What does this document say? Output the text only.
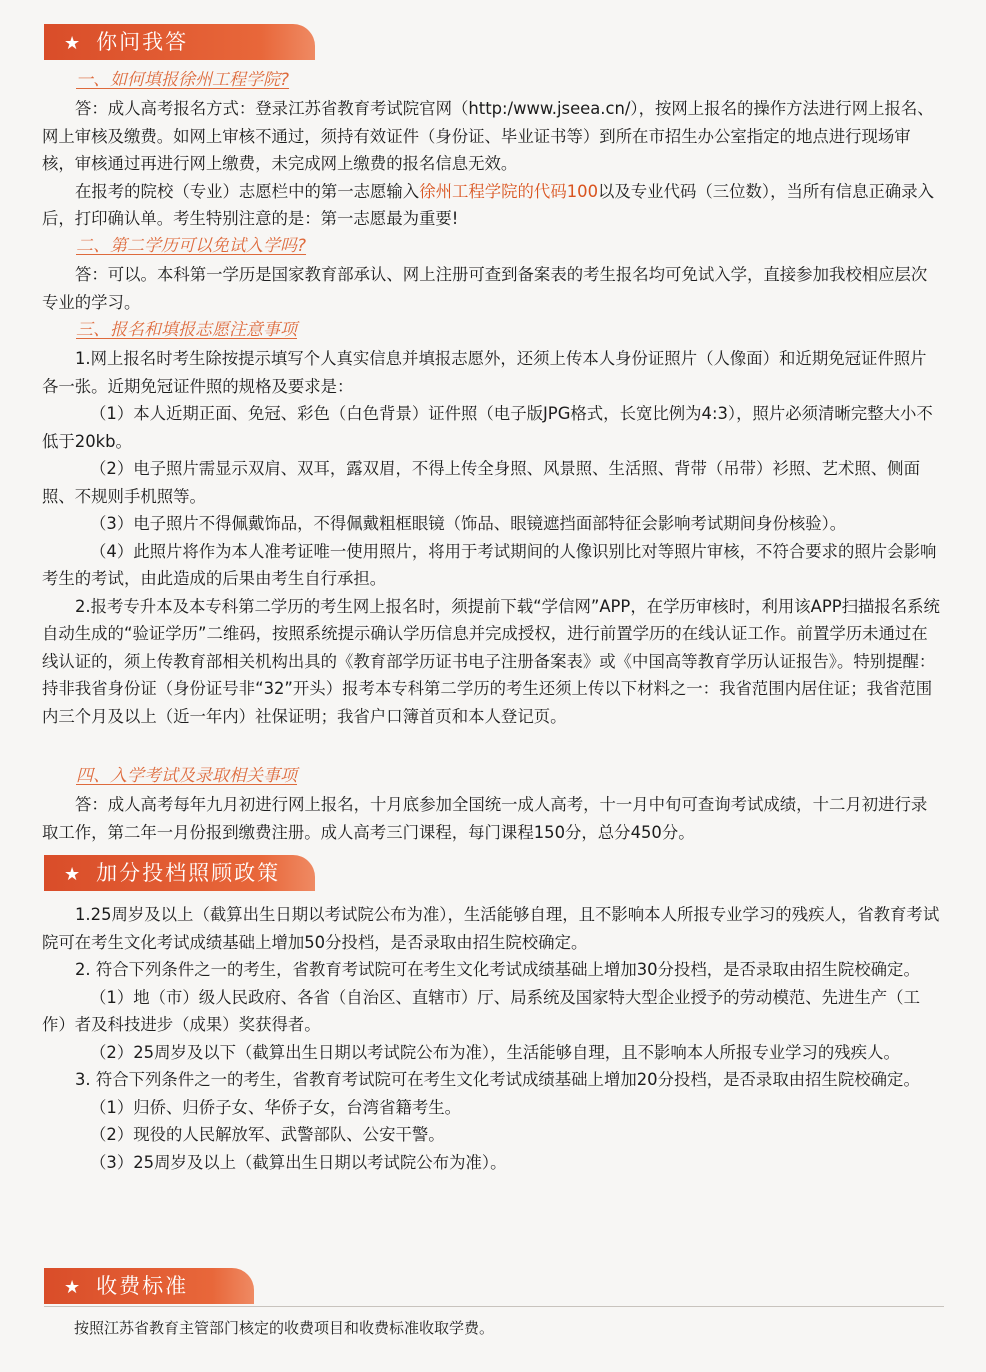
★ 你问我答
一、如何填报徐州工程学院?

答：成人高考报名方式：登录江苏省教育考试院官网（http:/www.jseea.cn/），按网上报名的操作方法进行网上报名、网上审核及缴费。如网上审核不通过，须持有效证件（身份证、毕业证书等）到所在市招生办公室指定的地点进行现场审核，审核通过再进行网上缴费，未完成网上缴费的报名信息无效。

在报考的院校（专业）志愿栏中的第一志愿输入徐州工程学院的代码100以及专业代码（三位数），当所有信息正确录入后，打印确认单。考生特别注意的是：第一志愿最为重要!

二、第二学历可以免试入学吗?

答：可以。本科第一学历是国家教育部承认、网上注册可查到备案表的考生报名均可免试入学，直接参加我校相应层次专业的学习。

三、报名和填报志愿注意事项

1.网上报名时考生除按提示填写个人真实信息并填报志愿外，还须上传本人身份证照片（人像面）和近期免冠证件照片各一张。近期免冠证件照的规格及要求是：

（1）本人近期正面、免冠、彩色（白色背景）证件照（电子版JPG格式，长宽比例为4:3），照片必须清晰完整大小不低于20kb。

（2）电子照片需显示双肩、双耳，露双眉，不得上传全身照、风景照、生活照、背带（吊带）衫照、艺术照、侧面照、不规则手机照等。

（3）电子照片不得佩戴饰品，不得佩戴粗框眼镜（饰品、眼镜遮挡面部特征会影响考试期间身份核验）。

（4）此照片将作为本人准考证唯一使用照片，将用于考试期间的人像识别比对等照片审核，不符合要求的照片会影响考生的考试，由此造成的后果由考生自行承担。

2.报考专升本及本专科第二学历的考生网上报名时，须提前下载“学信网”APP，在学历审核时，利用该APP扫描报名系统自动生成的“验证学历”二维码，按照系统提示确认学历信息并完成授权，进行前置学历的在线认证工作。前置学历未通过在线认证的，须上传教育部相关机构出具的《教育部学历证书电子注册备案表》或《中国高等教育学历认证报告》。特别提醒：持非我省身份证（身份证号非“32”开头）报考本专科第二学历的考生还须上传以下材料之一：我省范围内居住证；我省范围内三个月及以上（近一年内）社保证明；我省户口簿首页和本人登记页。

四、入学考试及录取相关事项

答：成人高考每年九月初进行网上报名，十月底参加全国统一成人高考，十一月中旬可查询考试成绩，十二月初进行录取工作，第二年一月份报到缴费注册。成人高考三门课程，每门课程150分，总分450分。

★ 加分投档照顾政策

1.25周岁及以上（截算出生日期以考试院公布为准），生活能够自理，且不影响本人所报专业学习的残疾人，省教育考试院可在考生文化考试成绩基础上增加50分投档，是否录取由招生院校确定。

2. 符合下列条件之一的考生，省教育考试院可在考生文化考试成绩基础上增加30分投档，是否录取由招生院校确定。

（1）地（市）级人民政府、各省（自治区、直辖市）厅、局系统及国家特大型企业授予的劳动模范、先进生产（工作）者及科技进步（成果）奖获得者。

（2）25周岁及以下（截算出生日期以考试院公布为准），生活能够自理，且不影响本人所报专业学习的残疾人。

3. 符合下列条件之一的考生，省教育考试院可在考生文化考试成绩基础上增加20分投档，是否录取由招生院校确定。

（1）归侨、归侨子女、华侨子女，台湾省籍考生。

（2）现役的人民解放军、武警部队、公安干警。

（3）25周岁及以上（截算出生日期以考试院公布为准）。

★ 收费标准
按照江苏省教育主管部门核定的收费项目和收费标准收取学费。
